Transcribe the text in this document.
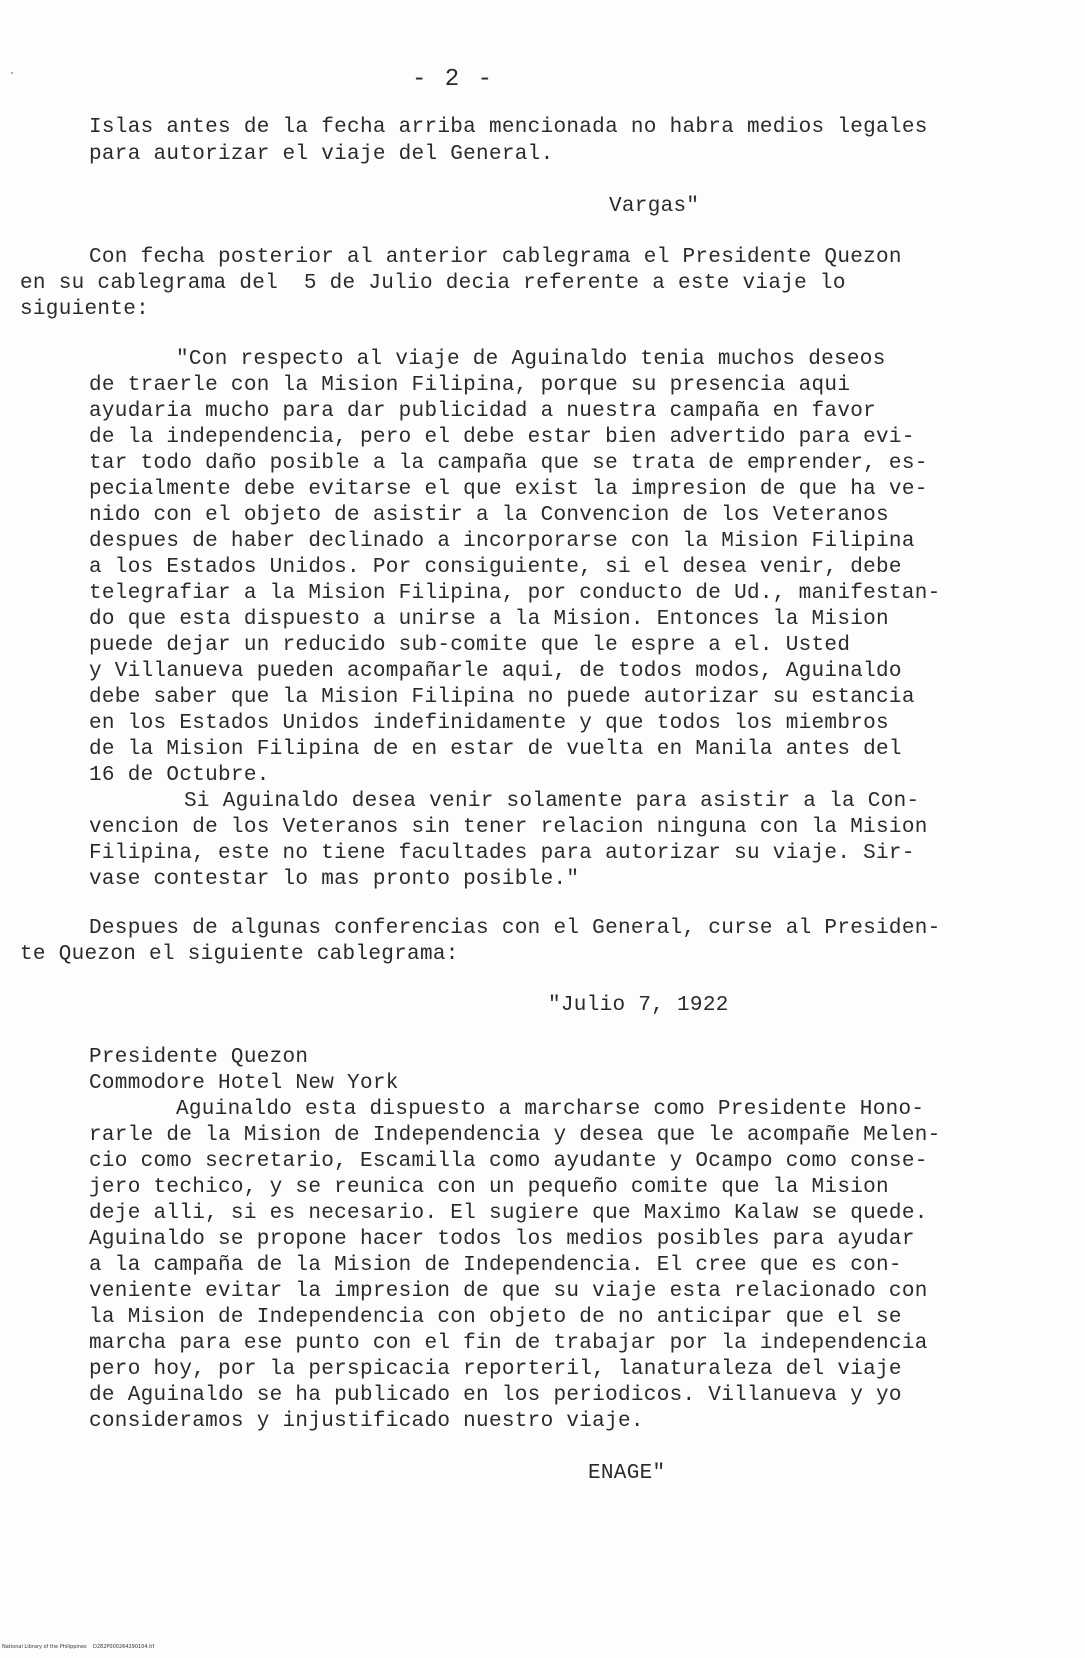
- 2 -
Islas antes de la fecha arriba mencionada no habra medios legales
para autorizar el viaje del General.
Vargas"
Con fecha posterior al anterior cablegrama el Presidente Quezon
en su cablegrama del  5 de Julio decia referente a este viaje lo
siguiente:
"Con respecto al viaje de Aguinaldo tenia muchos deseos
de traerle con la Mision Filipina, porque su presencia aqui
ayudaria mucho para dar publicidad a nuestra campaña en favor
de la independencia, pero el debe estar bien advertido para evi-
tar todo daño posible a la campaña que se trata de emprender, es-
pecialmente debe evitarse el que exist la impresion de que ha ve-
nido con el objeto de asistir a la Convencion de los Veteranos
despues de haber declinado a incorporarse con la Mision Filipina
a los Estados Unidos. Por consiguiente, si el desea venir, debe
telegrafiar a la Mision Filipina, por conducto de Ud., manifestan-
do que esta dispuesto a unirse a la Mision. Entonces la Mision
puede dejar un reducido sub-comite que le espre a el. Usted
y Villanueva pueden acompañarle aqui, de todos modos, Aguinaldo
debe saber que la Mision Filipina no puede autorizar su estancia
en los Estados Unidos indefinidamente y que todos los miembros
de la Mision Filipina de en estar de vuelta en Manila antes del
16 de Octubre.
Si Aguinaldo desea venir solamente para asistir a la Con-
vencion de los Veteranos sin tener relacion ninguna con la Mision
Filipina, este no tiene facultades para autorizar su viaje. Sir-
vase contestar lo mas pronto posible."
Despues de algunas conferencias con el General, curse al Presiden-
te Quezon el siguiente cablegrama:
"Julio 7, 1922
Presidente Quezon
Commodore Hotel New York
Aguinaldo esta dispuesto a marcharse como Presidente Hono-
rarle de la Mision de Independencia y desea que le acompañe Melen-
cio como secretario, Escamilla como ayudante y Ocampo como conse-
jero techico, y se reunica con un pequeño comite que la Mision
deje alli, si es necesario. El sugiere que Maximo Kalaw se quede.
Aguinaldo se propone hacer todos los medios posibles para ayudar
a la campaña de la Mision de Independencia. El cree que es con-
veniente evitar la impresion de que su viaje esta relacionado con
la Mision de Independencia con objeto de no anticipar que el se
marcha para ese punto con el fin de trabajar por la independencia
pero hoy, por la perspicacia reporteril, lanaturaleza del viaje
de Aguinaldo se ha publicado en los periodicos. Villanueva y yo
consideramos y injustificado nuestro viaje.
ENAGE"
National Library of the Philippines    D282P000264290104.tif
